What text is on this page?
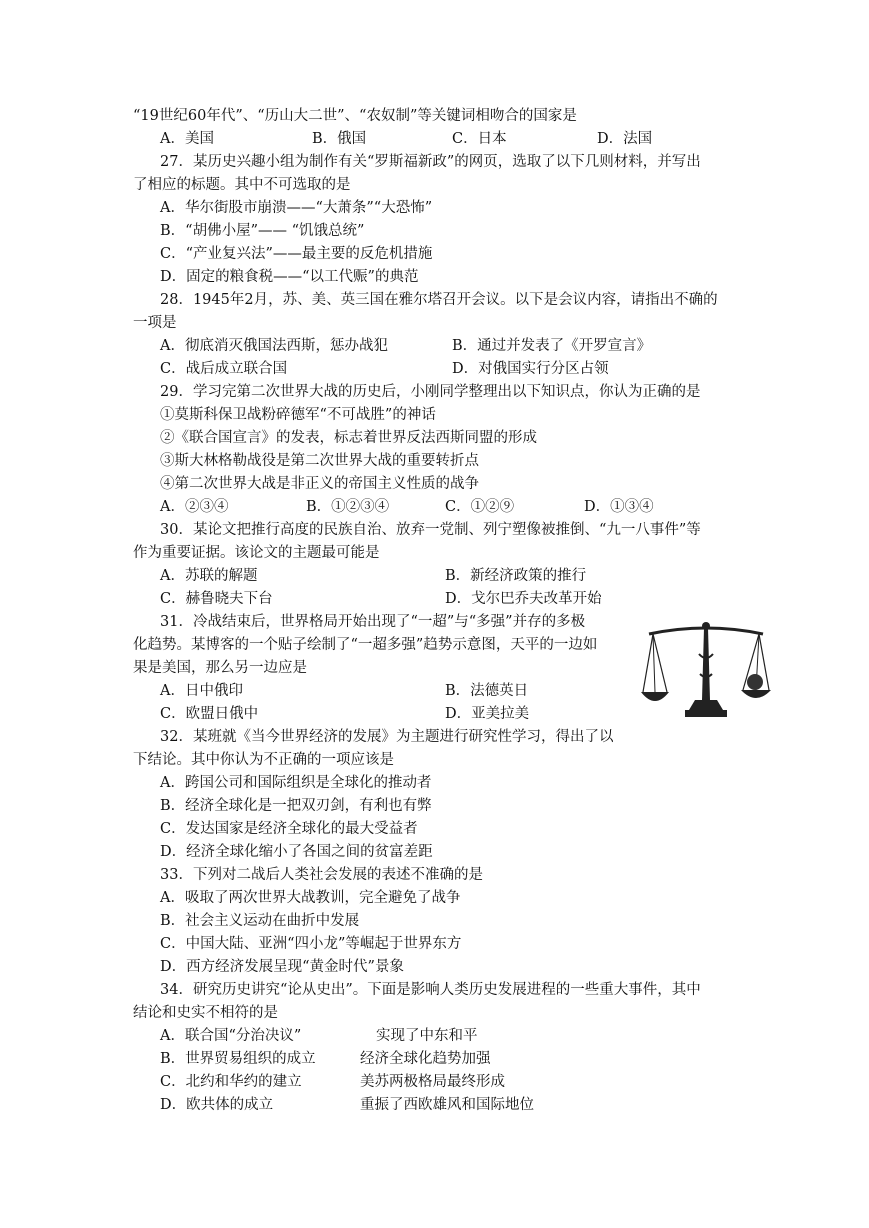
“19世纪60年代”、“历山大二世”、“农奴制”等关键词相吻合的国家是
A．美国	B．俄国	C．日本	D．法国
27．某历史兴趣小组为制作有关“罗斯福新政”的网页，选取了以下几则材料，并写出
了相应的标题。其中不可选取的是
A．华尔街股市崩溃——“大萧条”“大恐怖”
B．“胡佛小屋”—— “饥饿总统”
C．“产业复兴法”——最主要的反危机措施
D．固定的粮食税——“以工代赈”的典范
28．1945年2月，苏、美、英三国在雅尔塔召开会议。以下是会议内容，请指出不确的
一项是
A．彻底消灭俄国法西斯，惩办战犯	B．通过并发表了《开罗宣言》
C．战后成立联合国	D．对俄国实行分区占领
29．学习完第二次世界大战的历史后，小刚同学整理出以下知识点，你认为正确的是
①莫斯科保卫战粉碎德军“不可战胜”的神话
②《联合国宣言》的发表，标志着世界反法西斯同盟的形成
③斯大林格勒战役是第二次世界大战的重要转折点
④第二次世界大战是非正义的帝国主义性质的战争
A．②③④	B．①②③④	C．①②⑨	D．①③④
30．某论文把推行高度的民族自治、放弃一党制、列宁塑像被推倒、“九一八事件”等
作为重要证据。该论文的主题最可能是
A．苏联的解题	B．新经济政策的推行
C．赫鲁晓夫下台	D．戈尔巴乔夫改革开始
31．冷战结束后，世界格局开始出现了“一超”与“多强”并存的多极
化趋势。某博客的一个贴子绘制了“一超多强”趋势示意图，天平的一边如
果是美国，那么另一边应是
A．日中俄印	B．法德英日
C．欧盟日俄中	D．亚美拉美
32．某班就《当今世界经济的发展》为主题进行研究性学习，得出了以
下结论。其中你认为不正确的一项应该是
A．跨国公司和国际组织是全球化的推动者
B．经济全球化是一把双刃剑，有利也有弊
C．发达国家是经济全球化的最大受益者
D．经济全球化缩小了各国之间的贫富差距
33．下列对二战后人类社会发展的表述不准确的是
A．吸取了两次世界大战教训，完全避免了战争
B．社会主义运动在曲折中发展
C．中国大陆、亚洲“四小龙”等崛起于世界东方
D．西方经济发展呈现“黄金时代”景象
34．研究历史讲究“论从史出”。下面是影响人类历史发展进程的一些重大事件，其中
结论和史实不相符的是
A．联合国“分治决议”	实现了中东和平
B．世界贸易组织的成立	经济全球化趋势加强
C．北约和华约的建立	美苏两极格局最终形成
D．欧共体的成立	重振了西欧雄风和国际地位
